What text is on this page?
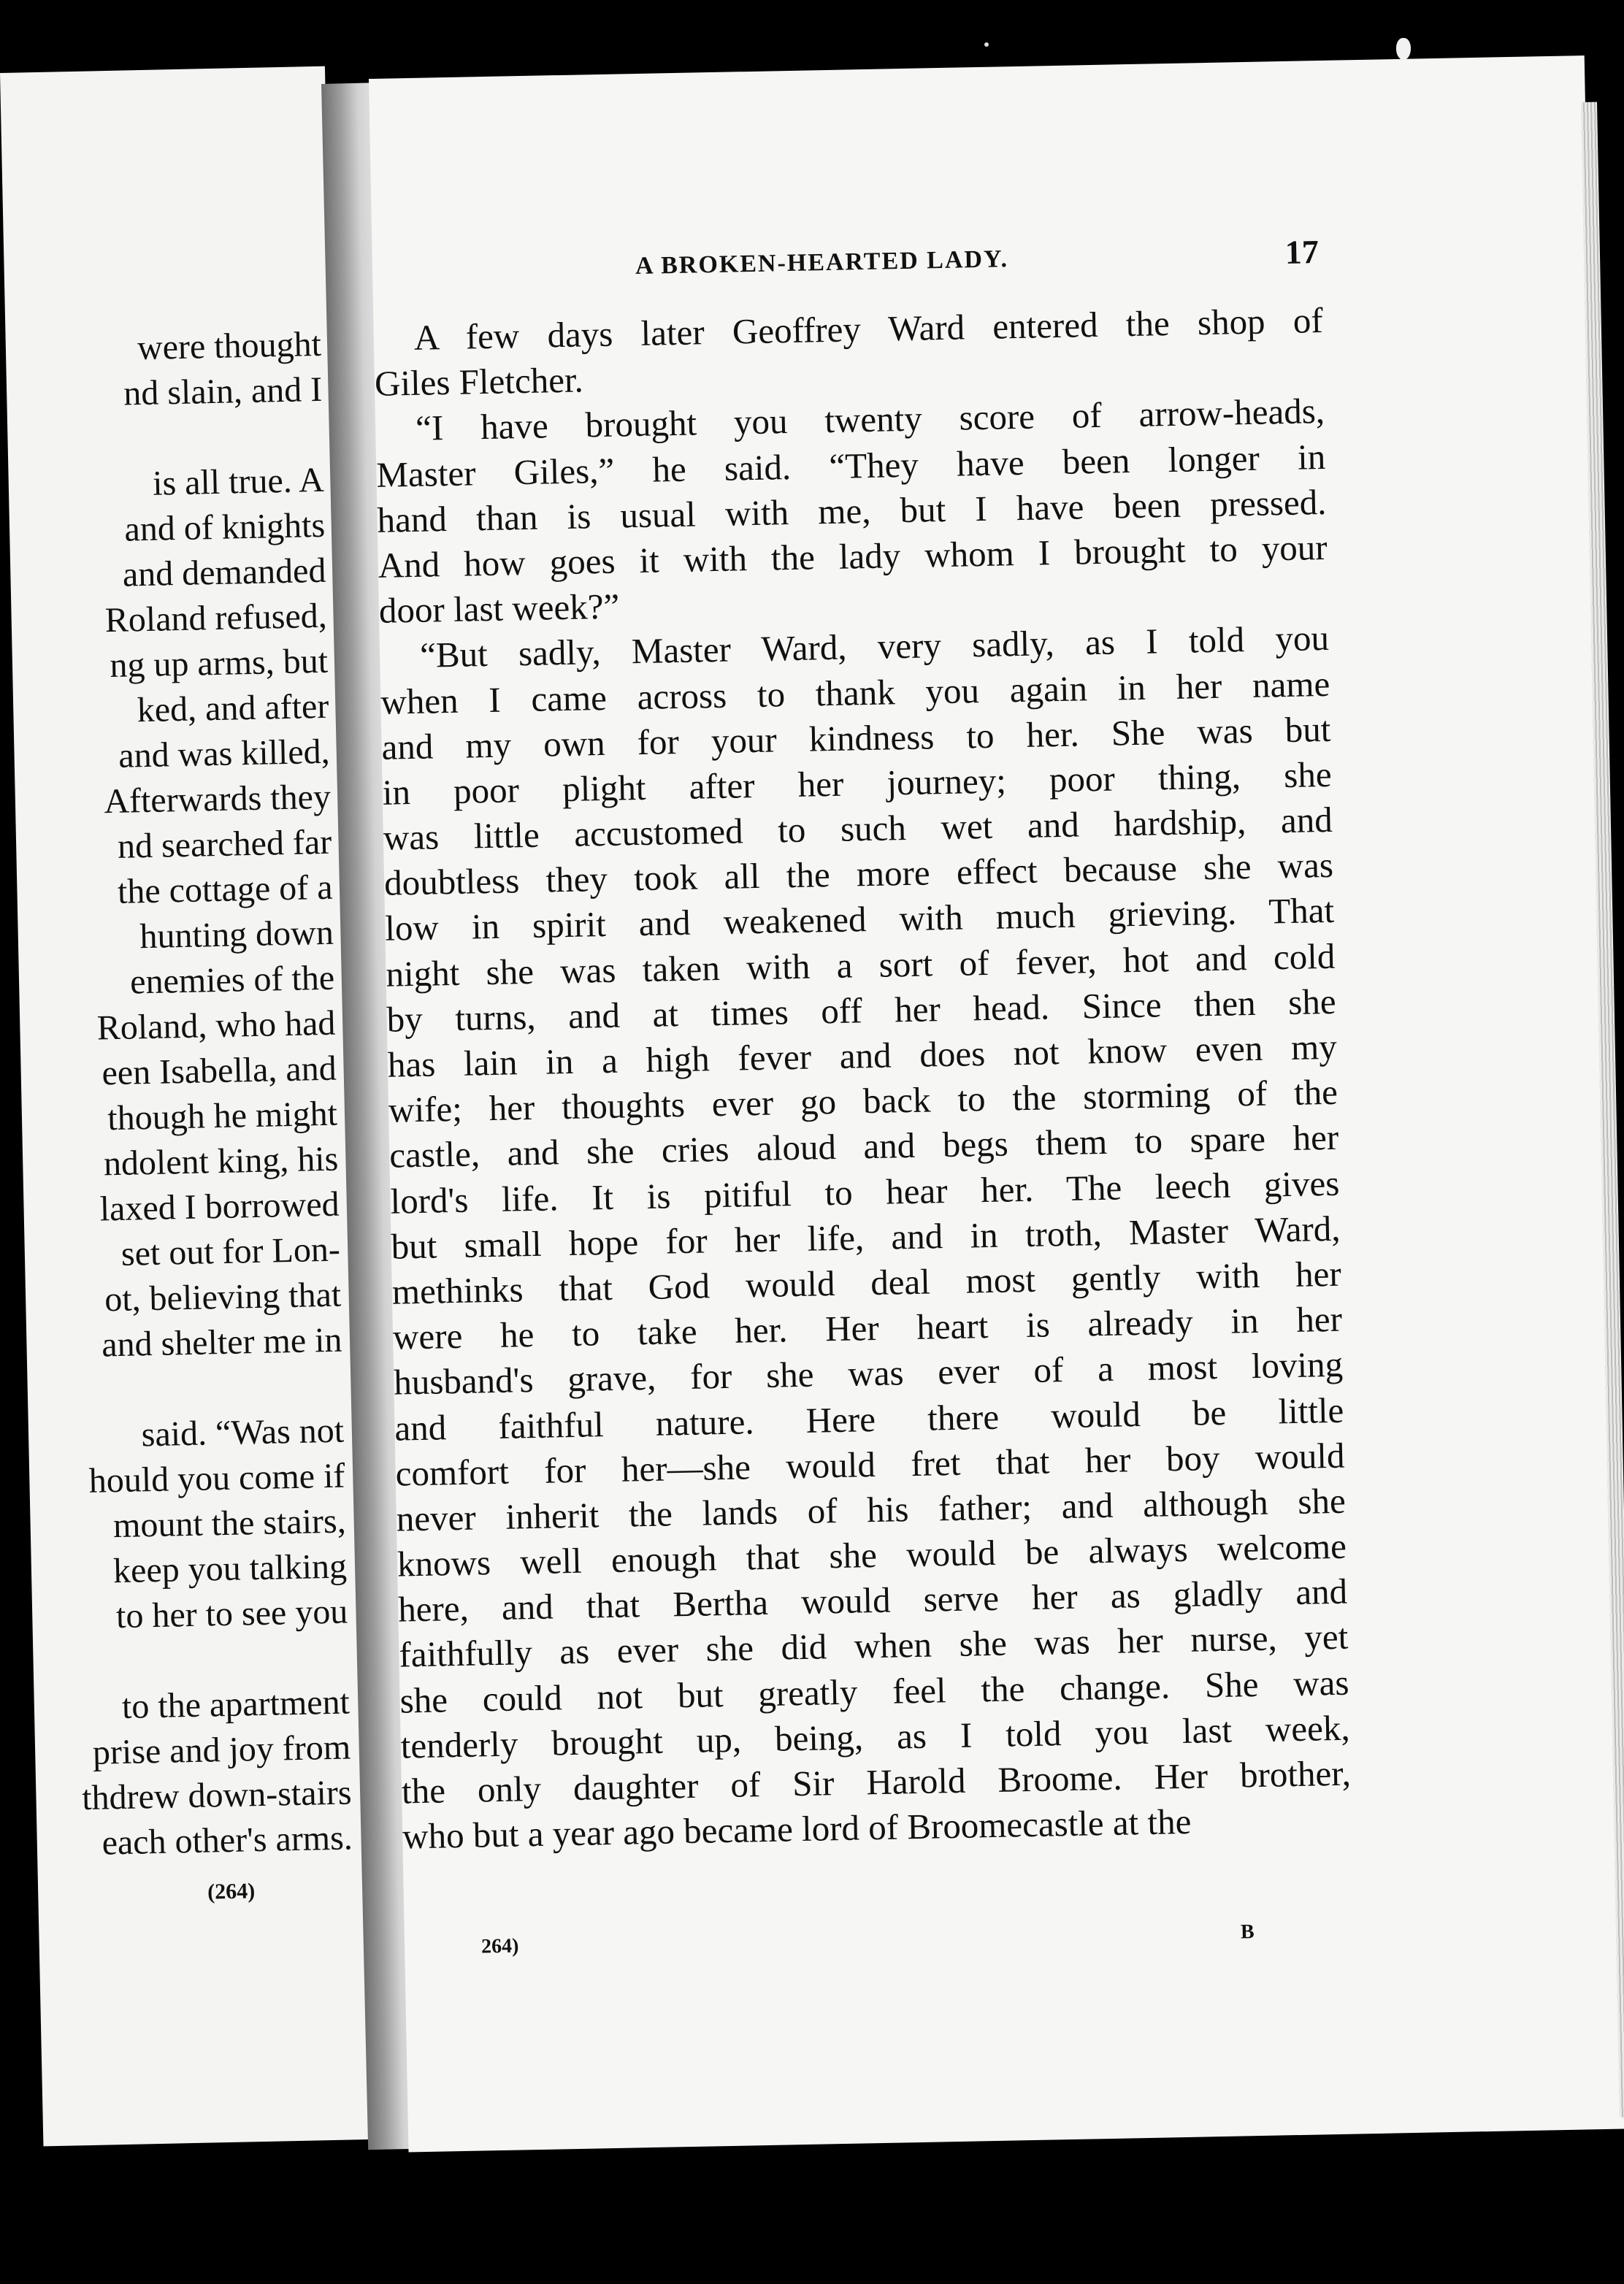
were thought
nd slain, and I
is all true. A
and of knights
and demanded
Roland refused,
ng up arms, but
ked, and after
and was killed,
Afterwards they
nd searched far
the cottage of a
hunting down
enemies of the
Roland, who had
een Isabella, and
though he might
ndolent king, his
laxed I borrowed
set out for Lon-
ot, believing that
and shelter me in
said. “Was not
hould you come if
mount the stairs,
keep you talking
to her to see you
to the apartment
prise and joy from
thdrew down-stairs
each other's arms.
(264)
A BROKEN-HEARTED LADY.	17
A few days later Geoffrey Ward entered the shop of
Giles Fletcher.
“I have brought you twenty score of arrow-heads,
Master Giles,” he said. “They have been longer in
hand than is usual with me, but I have been pressed.
And how goes it with the lady whom I brought to your
door last week?”
“But sadly, Master Ward, very sadly, as I told you
when I came across to thank you again in her name
and my own for your kindness to her. She was but
in poor plight after her journey; poor thing, she
was little accustomed to such wet and hardship, and
doubtless they took all the more effect because she was
low in spirit and weakened with much grieving. That
night she was taken with a sort of fever, hot and cold
by turns, and at times off her head. Since then she
has lain in a high fever and does not know even my
wife; her thoughts ever go back to the storming of the
castle, and she cries aloud and begs them to spare her
lord's life. It is pitiful to hear her. The leech gives
but small hope for her life, and in troth, Master Ward,
methinks that God would deal most gently with her
were he to take her. Her heart is already in her
husband's grave, for she was ever of a most loving
and faithful nature. Here there would be little
comfort for her—she would fret that her boy would
never inherit the lands of his father; and although she
knows well enough that she would be always welcome
here, and that Bertha would serve her as gladly and
faithfully as ever she did when she was her nurse, yet
she could not but greatly feel the change. She was
tenderly brought up, being, as I told you last week,
the only daughter of Sir Harold Broome. Her brother,
who but a year ago became lord of Broomecastle at the
264)
B
